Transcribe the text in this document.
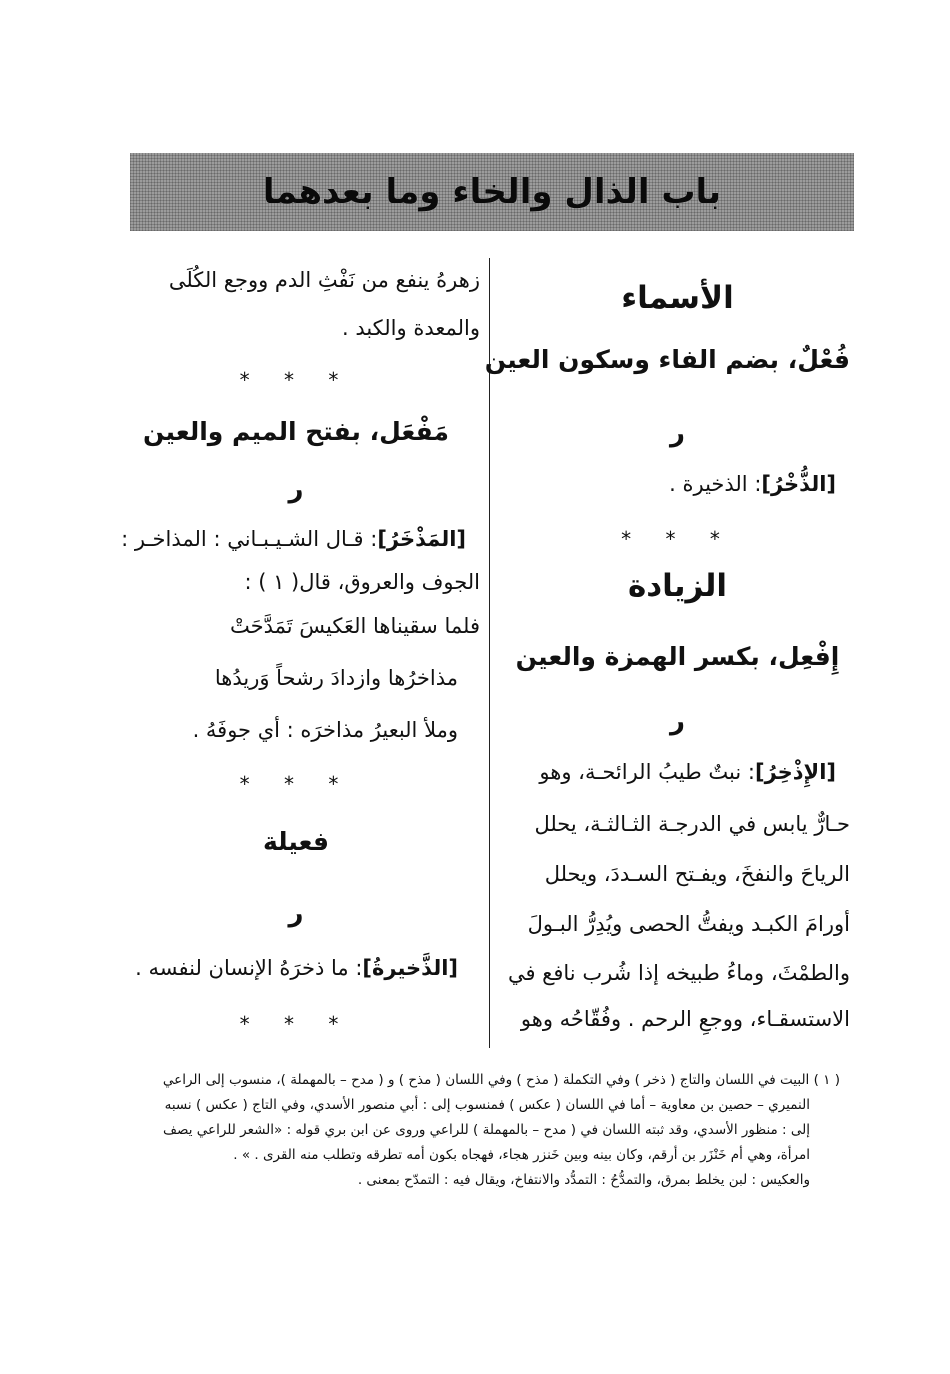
باب الذال والخاء وما بعدهما
الأسماء
فُعْلٌ، بضم الفاء وسكون العين
ر
[الذُّخْرُ]: الذخيرة .
* * *
الزيادة
إِفْعِل، بكسر الهمزة والعين
ر
[الإِذْخِرُ]: نبتٌ طيبُ الرائحـة، وهو
حـارٌّ يابس في الدرجـة الثـالثـة، يحلل
الرياحَ والنفخَ، ويفـتح السـددَ، ويحلل
أورامَ الكبـد ويفتُّ الحصى ويُدِرُّ البـولَ
والطمْثَ، وماءُ طبيخه إذا شُرب نافع في
الاستسقـاء، ووجعِ الرحم . وفُقّاحُه وهو
زهرهُ ينفع من نَفْثِ الدم ووجع الكُلَى
والمعدة والكبد .
* * *
مَفْعَل، بفتح الميم والعين
ر
[المَذْخَرُ]: قـال الشـيـبـاني : المذاخـر :
الجوف والعروق، قال( ١ ) :
فلما سقيناها العَكيسَ تَمَدَّحَتْ
مذاخرُها وازدادَ رشحاً وَريدُها
وملأ البعيرُ مذاخرَه : أي جوفَهُ .
* * *
فعيلة
ر
[الذَّخيرةُ]: ما ذخرَهُ الإنسان لنفسه .
* * *
( ١ ) البيت في اللسان والتاج ( ذخر ) وفي التكملة ( مذح ) وفي اللسان ( مذح ) و ( مدح – بالمهملة )، منسوب إلى الراعي
النميري – حصين بن معاوية – أما في اللسان ( عكس ) فمنسوب إلى : أبي منصور الأسدي، وفي التاج ( عكس ) نسبه
إلى : منظور الأسدي، وقد ثبته اللسان في ( مدح – بالمهملة ) للراعي وروى عن ابن بري قوله : «الشعر للراعي يصف
امرأة، وهي أم خَنْزَر بن أرقم، وكان بينه وبين خَنزر هجاء، فهجاه بكون أمه تطرقه وتطلب منه القرى . » .
والعكيس : لبن يخلط بمرق، والتمدُّحُ : التمدُّد والانتفاخ، ويقال فيه : التمدّح بمعنى .
